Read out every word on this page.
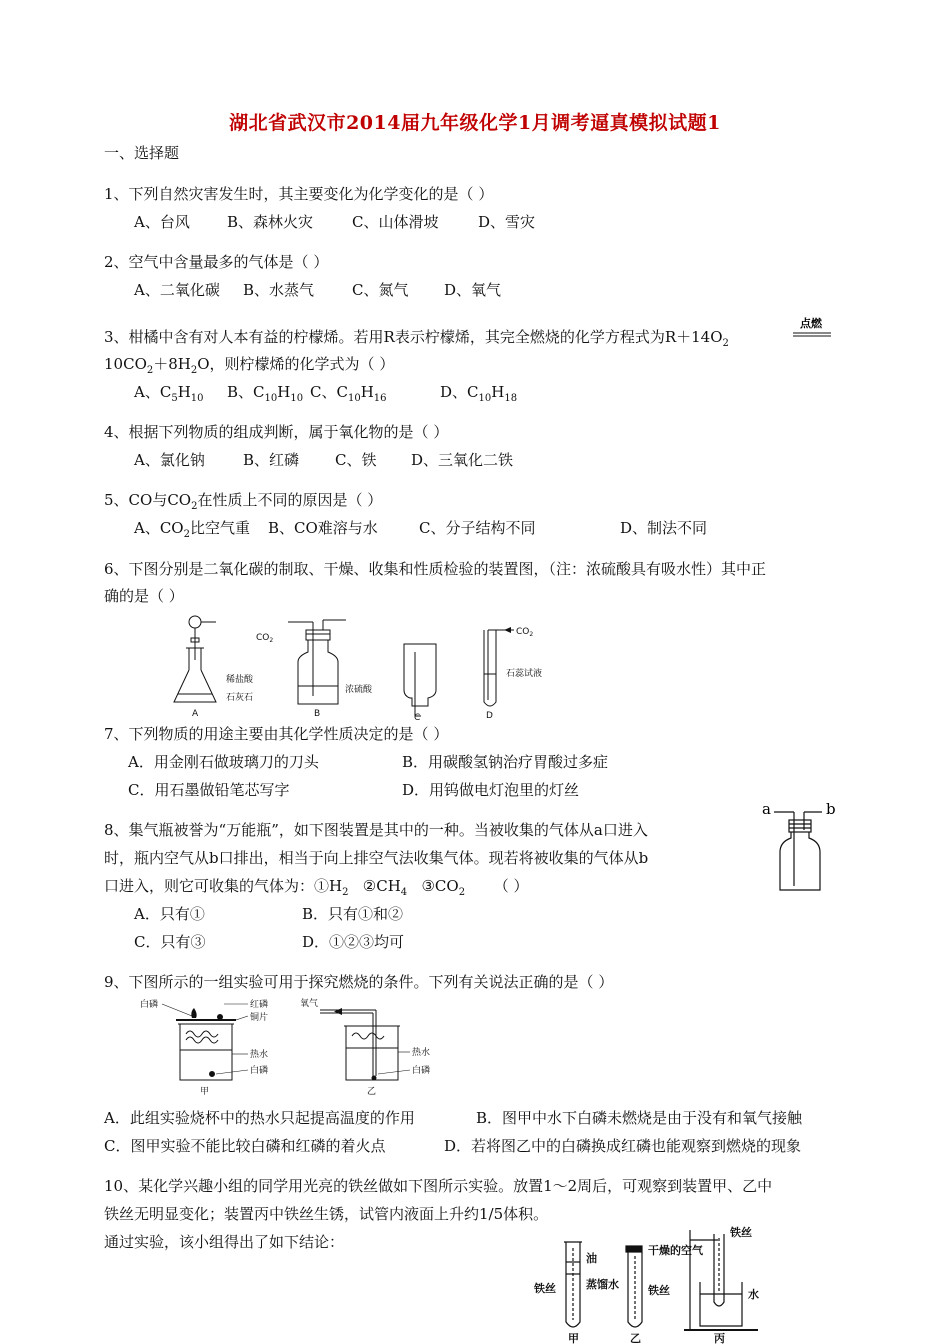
湖北省武汉市2014届九年级化学1月调考逼真模拟试题1
一、选择题
1、下列自然灾害发生时，其主要变化为化学变化的是（ ）
A、台风 B、森林火灾	C、山体滑坡	D、雪灾
2、空气中含量最多的气体是（ ）
A、二氧化碳 B、水蒸气	C、氮气 D、氧气
3、柑橘中含有对人本有益的柠檬烯。若用R表示柠檬烯，其完全燃烧的化学方程式为$R+14O_2$
点燃
$10CO_2+8H_2O$，则柠檬烯的化学式为（ ）
A、$C_5H_{10}$ B、$C_{10}H_{10}$ C、$C_{10}H_{16}$	D、$C_{10}H_{18}$
4、根据下列物质的组成判断，属于氧化物的是（ ）
A、氯化钠	B、红磷 C、铁 D、三氧化二铁
5、CO与$CO_2$在性质上不同的原因是（ ）
A、$CO_2$比空气重 B、CO难溶与水	C、分子结构不同	D、制法不同
6、下图分别是二氧化碳的制取、干燥、收集和性质检验的装置图，（注：浓硫酸具有吸水性）其中正
确的是（ ）
稀盐酸
石灰石
A
$CO_2$
浓硫酸
B	C
$CO_2$
石蕊试液
D
7、下列物质的用途主要由其化学性质决定的是（ ）
A．用金刚石做玻璃刀的刀头	B．用碳酸氢钠治疗胃酸过多症
C．用石墨做铅笔芯写字	D．用钨做电灯泡里的灯丝
a	b
8、集气瓶被誉为“万能瓶”，如下图装置是其中的一种。当被收集的气体从a口进入
时，瓶内空气从b口排出，相当于向上排空气法收集气体。现若将被收集的气体从b
口进入，则它可收集的气体为：$①H_2$ $②CH_4$ $③CO_2$ （ ）
A．只有①	B．只有①和②
C．只有③	D．①②③均可
9、下图所示的一组实验可用于探究燃烧的条件。下列有关说法正确的是（ ）
白磷	红磷
铜片
热水
白磷
甲
氧气
热水
白磷
乙
A．此组实验烧杯中的热水只起提高温度的作用	B．图甲中水下白磷未燃烧是由于没有和氧气接触
C．图甲实验不能比较白磷和红磷的着火点	D．若将图乙中的白磷换成红磷也能观察到燃烧的现象
10、某化学兴趣小组的同学用光亮的铁丝做如下图所示实验。放置1～2周后，可观察到装置甲、乙中
铁丝无明显变化；装置丙中铁丝生锈，试管内液面上升约1/5体积。
通过实验，该小组得出了如下结论：
油
蒸馏水
铁丝
甲
干燥的空气
铁丝
乙
铁丝
水
丙
